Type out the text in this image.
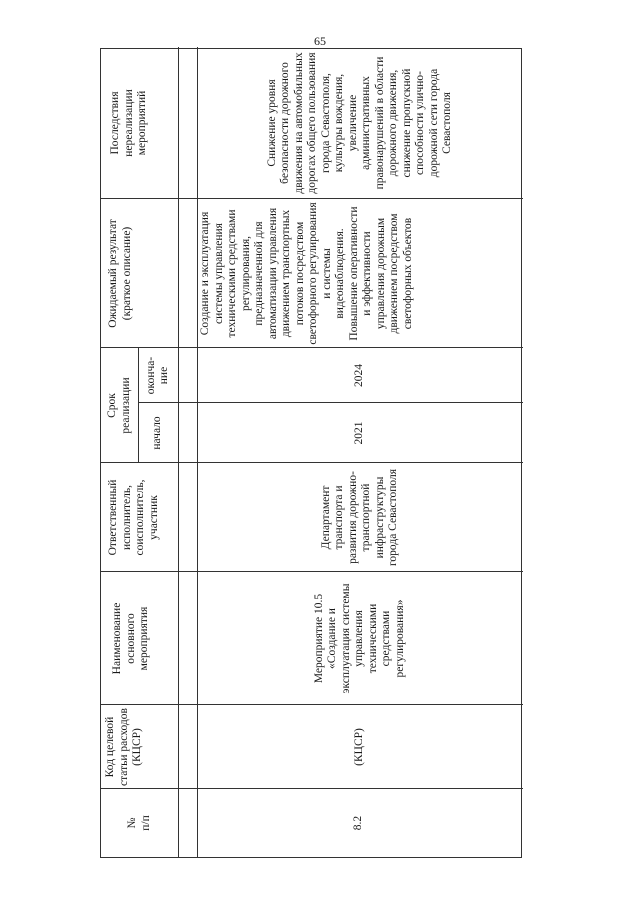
65
№
п/п
Код целевой статьи расходов (КЦСР)
Наименование основного мероприятия
Ответственный исполнитель, соисполнитель, участник
Срок реализации начало
оконча-
ние
Ожидаемый результат (краткое описание)
Последствия нереализации мероприятий
8.2
(КЦСР)
Мероприятие 10.5 «Создание и эксплуатация системы управления техническими средствами регулирования»
Департамент транспорта и развития дорожно-транспортной инфраструктуры города Севастополя
2021
2024
Создание и эксплуатация системы управления техническими средствами регулирования, предназначенной для автоматизации управления движением транспортных потоков посредством светофорного регулирования и системы видеонаблюдения. Повышение оперативности и эффективности управления дорожным движением посредством светофорных объектов
Снижение уровня безопасности дорожного движения на автомобильных дорогах общего пользования города Севастополя, культуры вождения, увеличение административных правонарушений в области дорожного движения, снижение пропускной способности улично-дорожной сети города Севастополя
